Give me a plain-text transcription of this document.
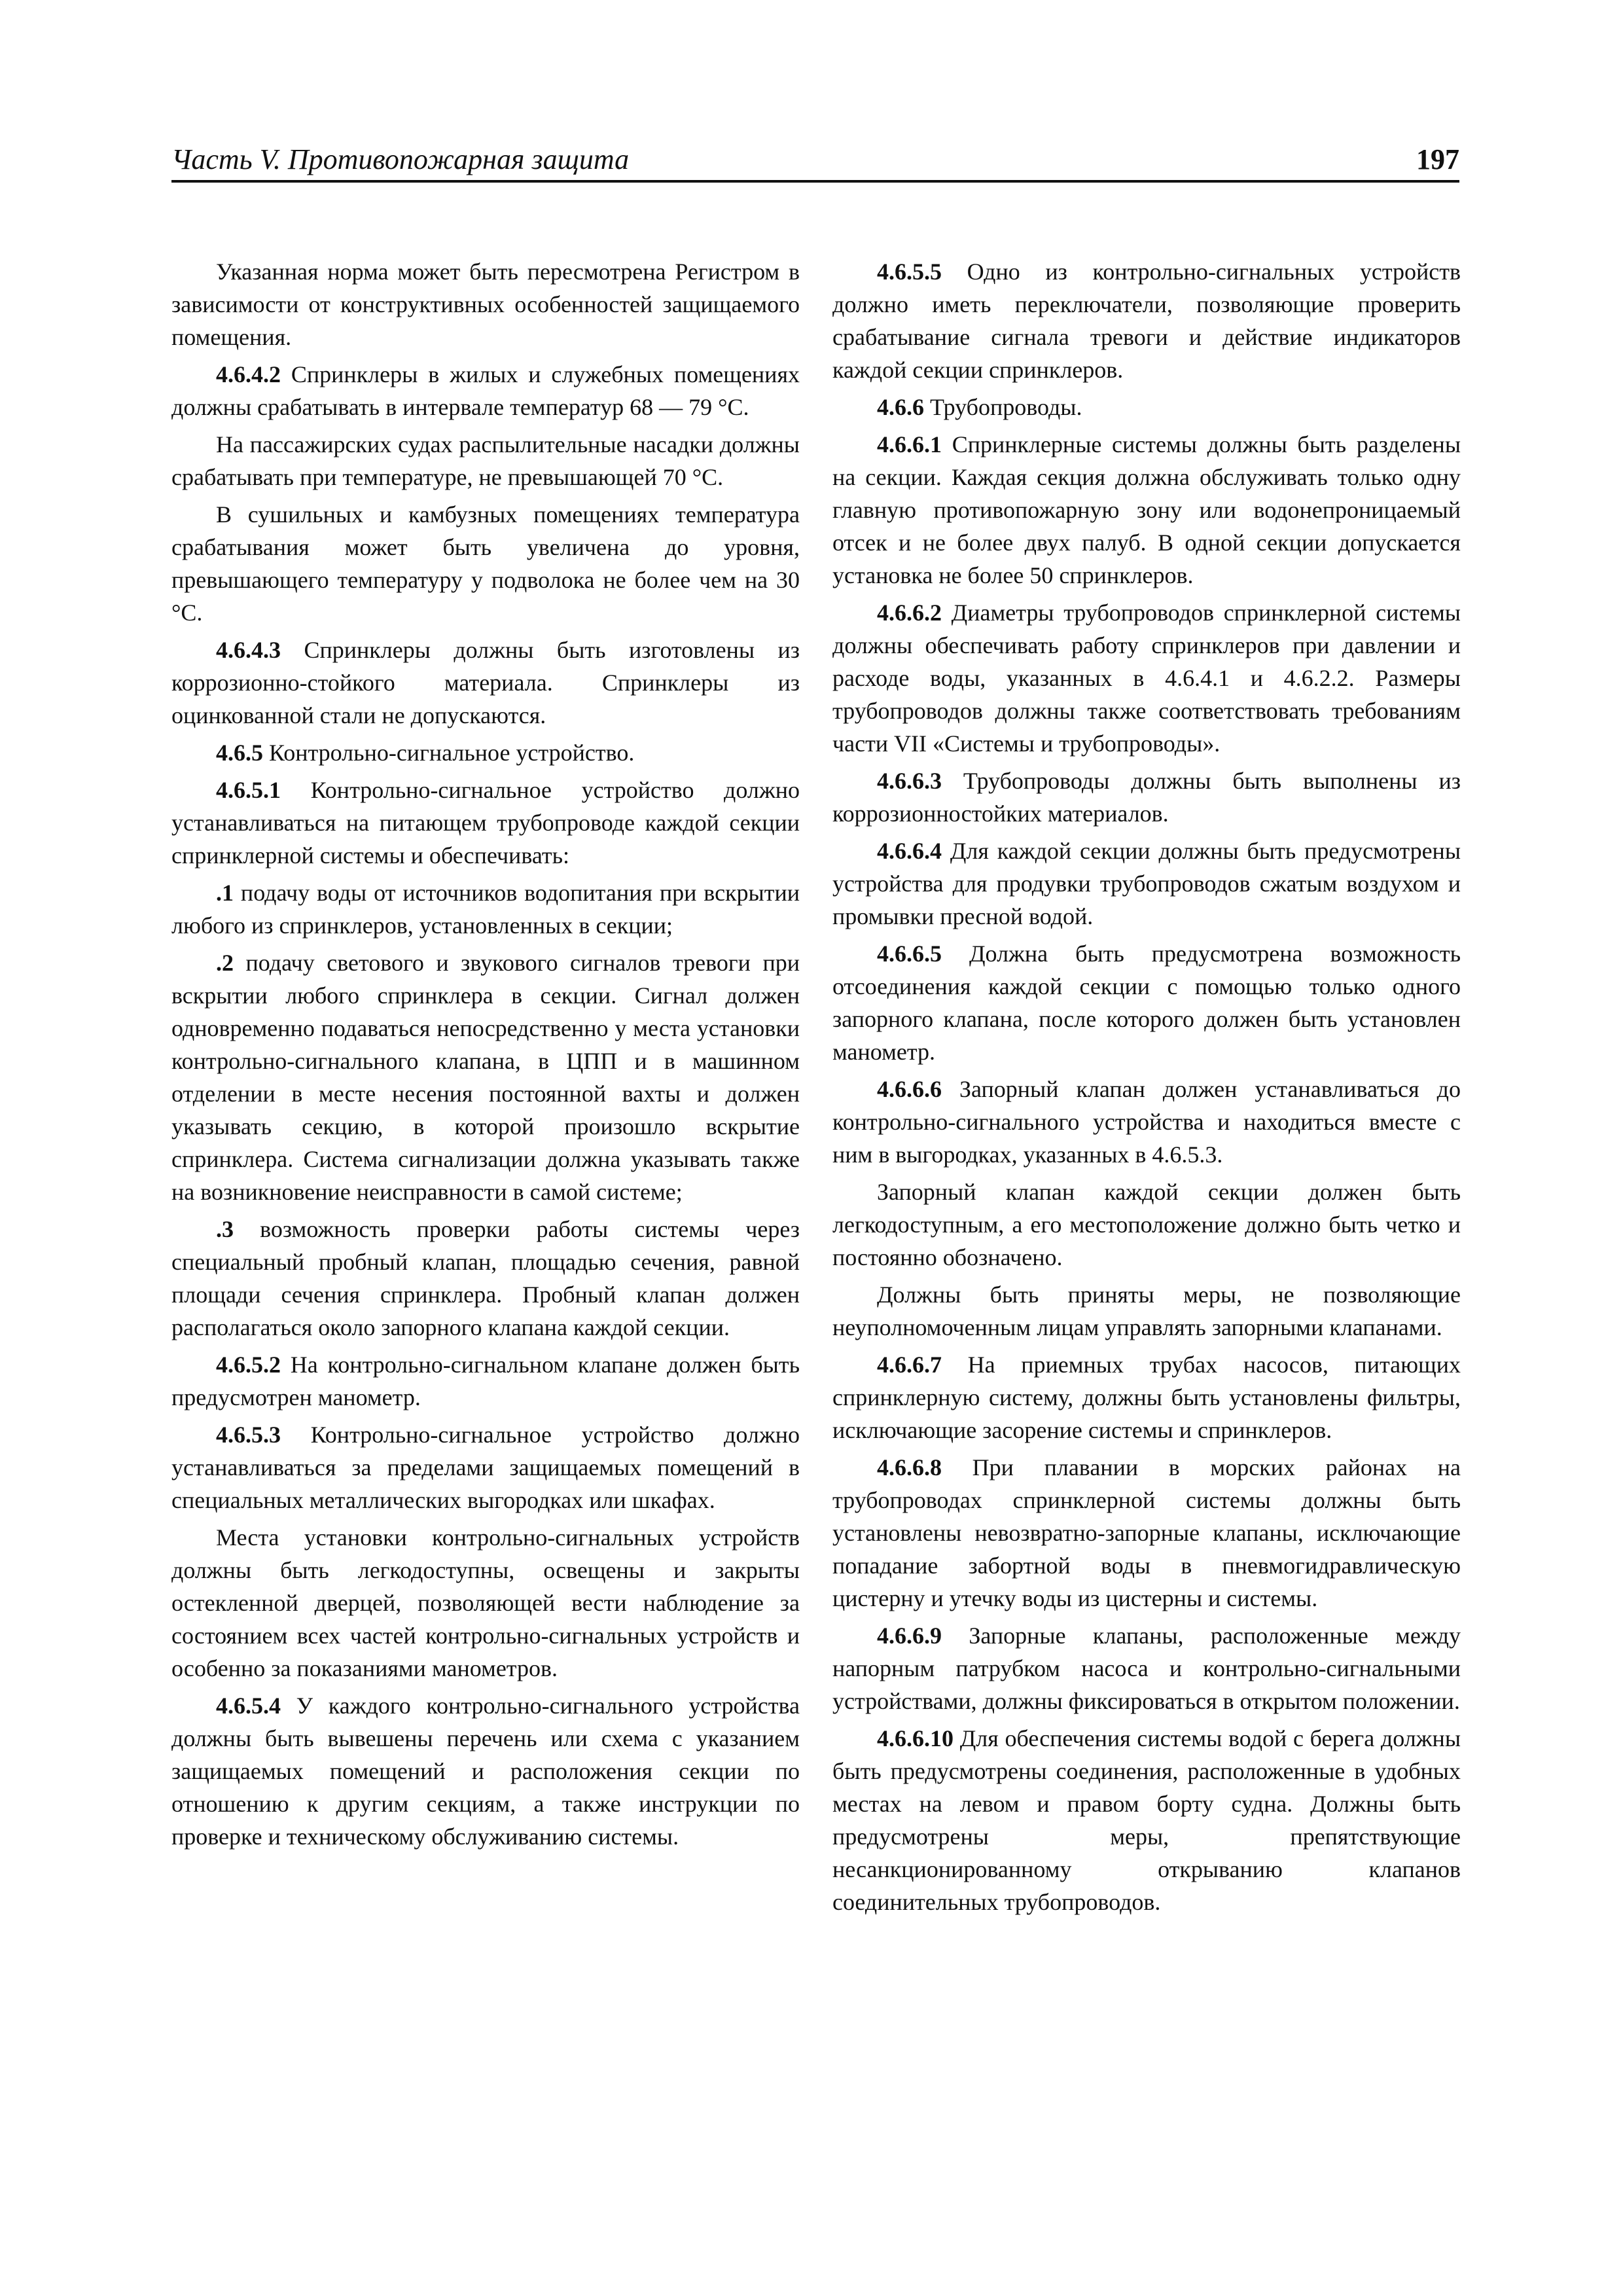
Часть V. Противопожарная защита	197

Указанная норма может быть пересмотрена Регистром в зависимости от конструктивных особенностей защищаемого помещения.

4.6.4.2 Спринклеры в жилых и служебных помещениях должны срабатывать в интервале температур 68 — 79 °С.

На пассажирских судах распылительные насадки должны срабатывать при температуре, не превышающей 70 °С.

В сушильных и камбузных помещениях температура срабатывания может быть увеличена до уровня, превышающего температуру у подволока не более чем на 30 °С.

4.6.4.3 Спринклеры должны быть изготовлены из коррозионно-стойкого материала. Спринклеры из оцинкованной стали не допускаются.

4.6.5 Контрольно-сигнальное устройство.

4.6.5.1 Контрольно-сигнальное устройство должно устанавливаться на питающем трубопроводе каждой секции спринклерной системы и обеспечивать:

.1 подачу воды от источников водопитания при вскрытии любого из спринклеров, установленных в секции;

.2 подачу светового и звукового сигналов тревоги при вскрытии любого спринклера в секции. Сигнал должен одновременно подаваться непосредственно у места установки контрольно-сигнального клапана, в ЦПП и в машинном отделении в месте несения постоянной вахты и должен указывать секцию, в которой произошло вскрытие спринклера. Система сигнализации должна указывать также на возникновение неисправности в самой системе;

.3 возможность проверки работы системы через специальный пробный клапан, площадью сечения, равной площади сечения спринклера. Пробный клапан должен располагаться около запорного клапана каждой секции.

4.6.5.2 На контрольно-сигнальном клапане должен быть предусмотрен манометр.

4.6.5.3 Контрольно-сигнальное устройство должно устанавливаться за пределами защищаемых помещений в специальных металлических выгородках или шкафах.

Места установки контрольно-сигнальных устройств должны быть легкодоступны, освещены и закрыты остекленной дверцей, позволяющей вести наблюдение за состоянием всех частей контрольно-сигнальных устройств и особенно за показаниями манометров.

4.6.5.4 У каждого контрольно-сигнального устройства должны быть вывешены перечень или схема с указанием защищаемых помещений и расположения секции по отношению к другим секциям, а также инструкции по проверке и техническому обслуживанию системы.

4.6.5.5 Одно из контрольно-сигнальных устройств должно иметь переключатели, позволяющие проверить срабатывание сигнала тревоги и действие индикаторов каждой секции спринклеров.

4.6.6 Трубопроводы.

4.6.6.1 Спринклерные системы должны быть разделены на секции. Каждая секция должна обслуживать только одну главную противопожарную зону или водонепроницаемый отсек и не более двух палуб. В одной секции допускается установка не более 50 спринклеров.

4.6.6.2 Диаметры трубопроводов спринклерной системы должны обеспечивать работу спринклеров при давлении и расходе воды, указанных в 4.6.4.1 и 4.6.2.2. Размеры трубопроводов должны также соответствовать требованиям части VII «Системы и трубопроводы».

4.6.6.3 Трубопроводы должны быть выполнены из коррозионностойких материалов.

4.6.6.4 Для каждой секции должны быть предусмотрены устройства для продувки трубопроводов сжатым воздухом и промывки пресной водой.

4.6.6.5 Должна быть предусмотрена возможность отсоединения каждой секции с помощью только одного запорного клапана, после которого должен быть установлен манометр.

4.6.6.6 Запорный клапан должен устанавливаться до контрольно-сигнального устройства и находиться вместе с ним в выгородках, указанных в 4.6.5.3.

Запорный клапан каждой секции должен быть легкодоступным, а его местоположение должно быть четко и постоянно обозначено.

Должны быть приняты меры, не позволяющие неуполномоченным лицам управлять запорными клапанами.

4.6.6.7 На приемных трубах насосов, питающих спринклерную систему, должны быть установлены фильтры, исключающие засорение системы и спринклеров.

4.6.6.8 При плавании в морских районах на трубопроводах спринклерной системы должны быть установлены невозвратно-запорные клапаны, исключающие попадание забортной воды в пневмогидравлическую цистерну и утечку воды из цистерны и системы.

4.6.6.9 Запорные клапаны, расположенные между напорным патрубком насоса и контрольно-сигнальными устройствами, должны фиксироваться в открытом положении.

4.6.6.10 Для обеспечения системы водой с берега должны быть предусмотрены соединения, расположенные в удобных местах на левом и правом борту судна. Должны быть предусмотрены меры, препятствующие несанкционированному открыванию клапанов соединительных трубопроводов.
